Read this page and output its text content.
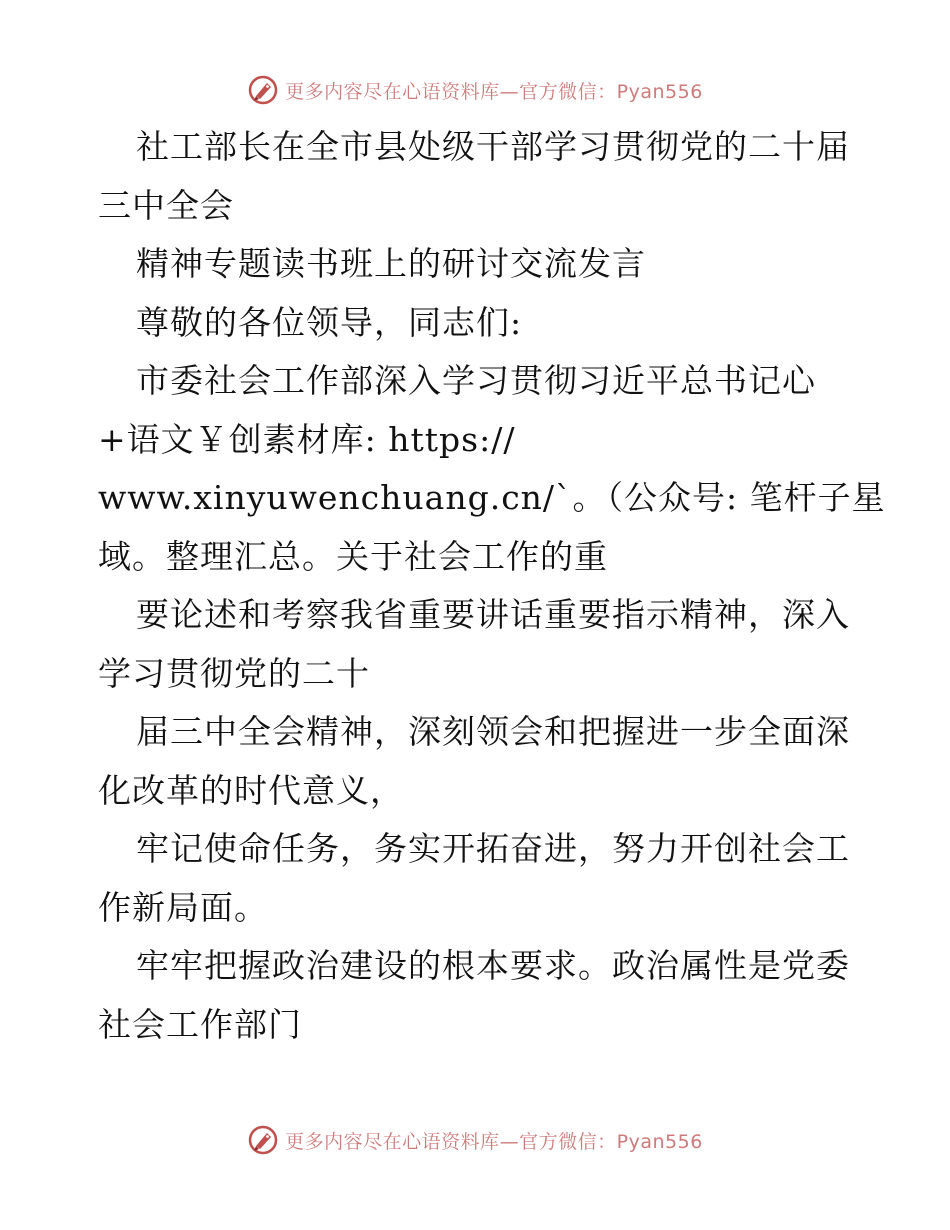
更多内容尽在心语资料库—官方微信：Pyan556
社工部长在全市县处级干部学习贯彻党的二十届
三中全会
精神专题读书班上的研讨交流发言
尊敬的各位领导，同志们:
市委社会工作部深入学习贯彻习近平总书记心
+语文￥创素材库: https://
www.xinyuwenchuang.cn/`。（公众号: 笔杆子星
域。整理汇总。关于社会工作的重
要论述和考察我省重要讲话重要指示精神，深入
学习贯彻党的二十
届三中全会精神，深刻领会和把握进一步全面深
化改革的时代意义，
牢记使命任务，务实开拓奋进，努力开创社会工
作新局面。
牢牢把握政治建设的根本要求。政治属性是党委
社会工作部门
更多内容尽在心语资料库—官方微信：Pyan556
